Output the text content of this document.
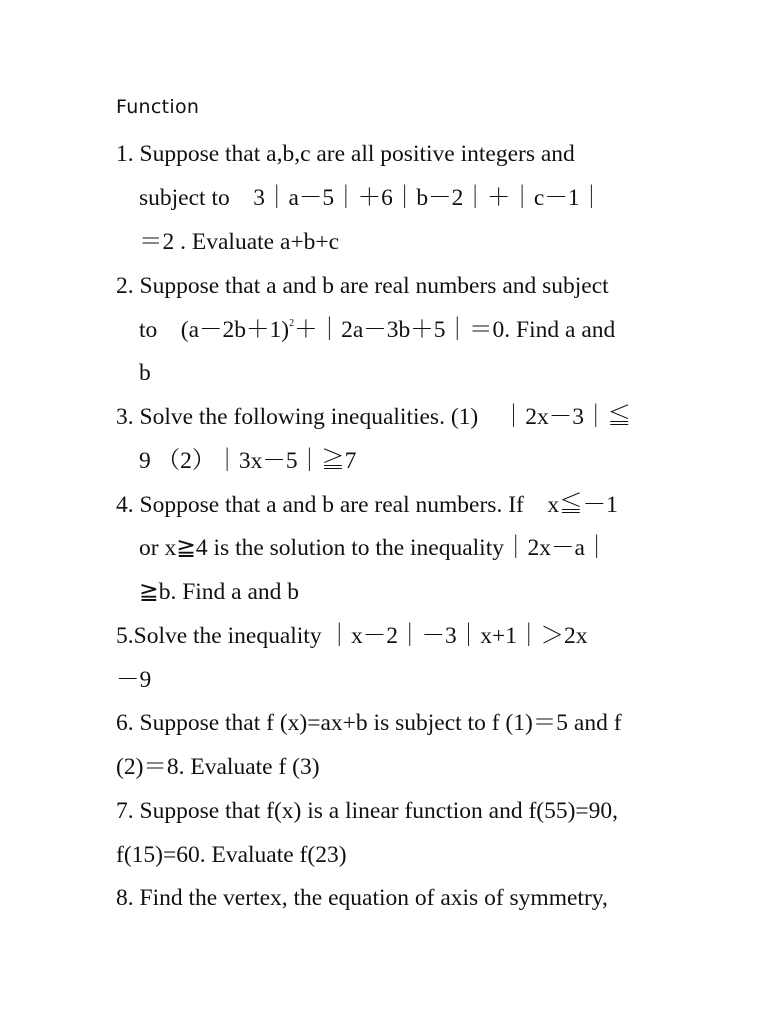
Function
1. Suppose that a,b,c are all positive integers and
subject to　3｜a－5｜＋6｜b－2｜＋｜c－1｜
＝2 . Evaluate a+b+c
2. Suppose that a and b are real numbers and subject
to　$(a-2b+1)^2+|2a-3b+5|=0$. Find a and
b
3. Solve the following inequalities. (1)　｜2x－3｜≦
9 （2）｜3x－5｜≧7
4. Soppose that a and b are real numbers. If　x≦－1
or x≧4 is the solution to the inequality｜2x－a｜
≧b. Find a and b
5.Solve the inequality ｜x－2｜－3｜x+1｜＞2x
－9
6. Suppose that f (x)=ax+b is subject to f (1)＝5 and f
(2)＝8. Evaluate f (3)
7. Suppose that f(x) is a linear function and f(55)=90,
f(15)=60. Evaluate f(23)
8. Find the vertex, the equation of axis of symmetry,
